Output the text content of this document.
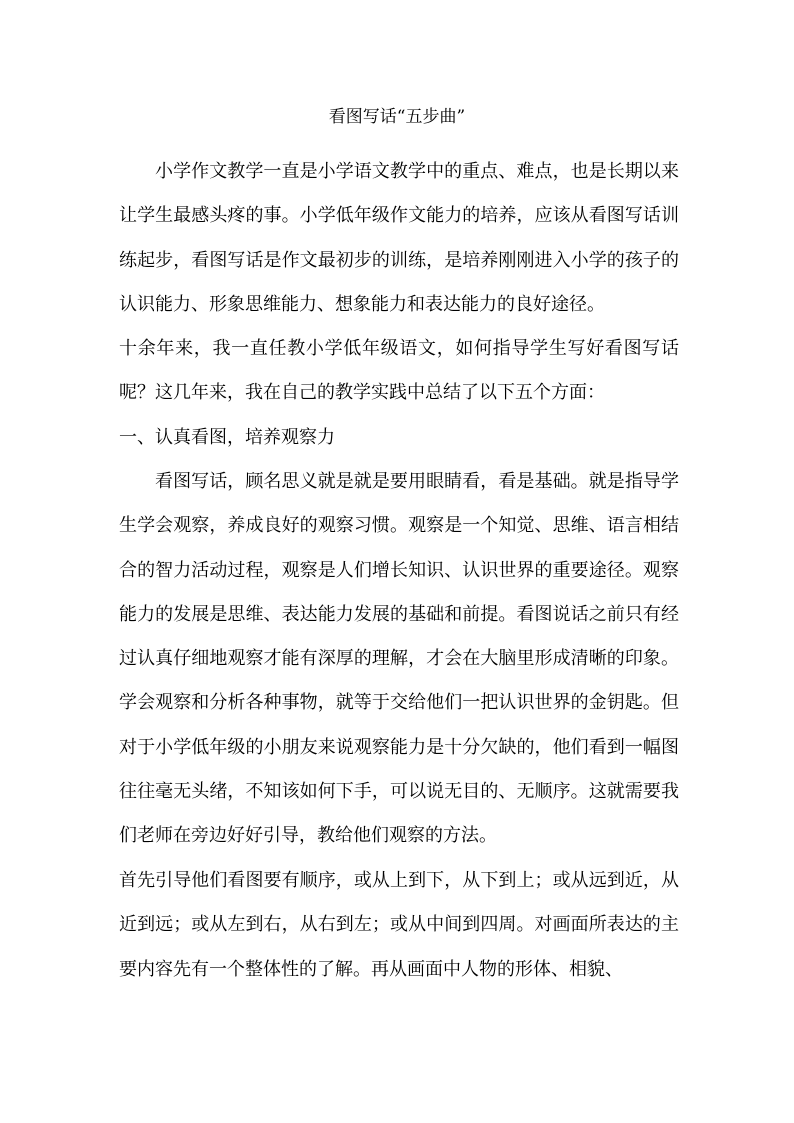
看图写话“五步曲”

小学作文教学一直是小学语文教学中的重点、难点，也是长期以来让学生最感头疼的事。小学低年级作文能力的培养，应该从看图写话训练起步，看图写话是作文最初步的训练，是培养刚刚进入小学的孩子的认识能力、形象思维能力、想象能力和表达能力的良好途径。

十余年来，我一直任教小学低年级语文，如何指导学生写好看图写话呢？这几年来，我在自己的教学实践中总结了以下五个方面：

一、认真看图，培养观察力

看图写话，顾名思义就是就是要用眼睛看，看是基础。就是指导学生学会观察，养成良好的观察习惯。观察是一个知觉、思维、语言相结合的智力活动过程，观察是人们增长知识、认识世界的重要途径。观察能力的发展是思维、表达能力发展的基础和前提。看图说话之前只有经过认真仔细地观察才能有深厚的理解，才会在大脑里形成清晰的印象。学会观察和分析各种事物，就等于交给他们一把认识世界的金钥匙。但对于小学低年级的小朋友来说观察能力是十分欠缺的，他们看到一幅图往往毫无头绪，不知该如何下手，可以说无目的、无顺序。这就需要我们老师在旁边好好引导，教给他们观察的方法。

首先引导他们看图要有顺序，或从上到下，从下到上；或从远到近，从近到远；或从左到右，从右到左；或从中间到四周。对画面所表达的主要内容先有一个整体性的了解。再从画面中人物的形体、相貌、
